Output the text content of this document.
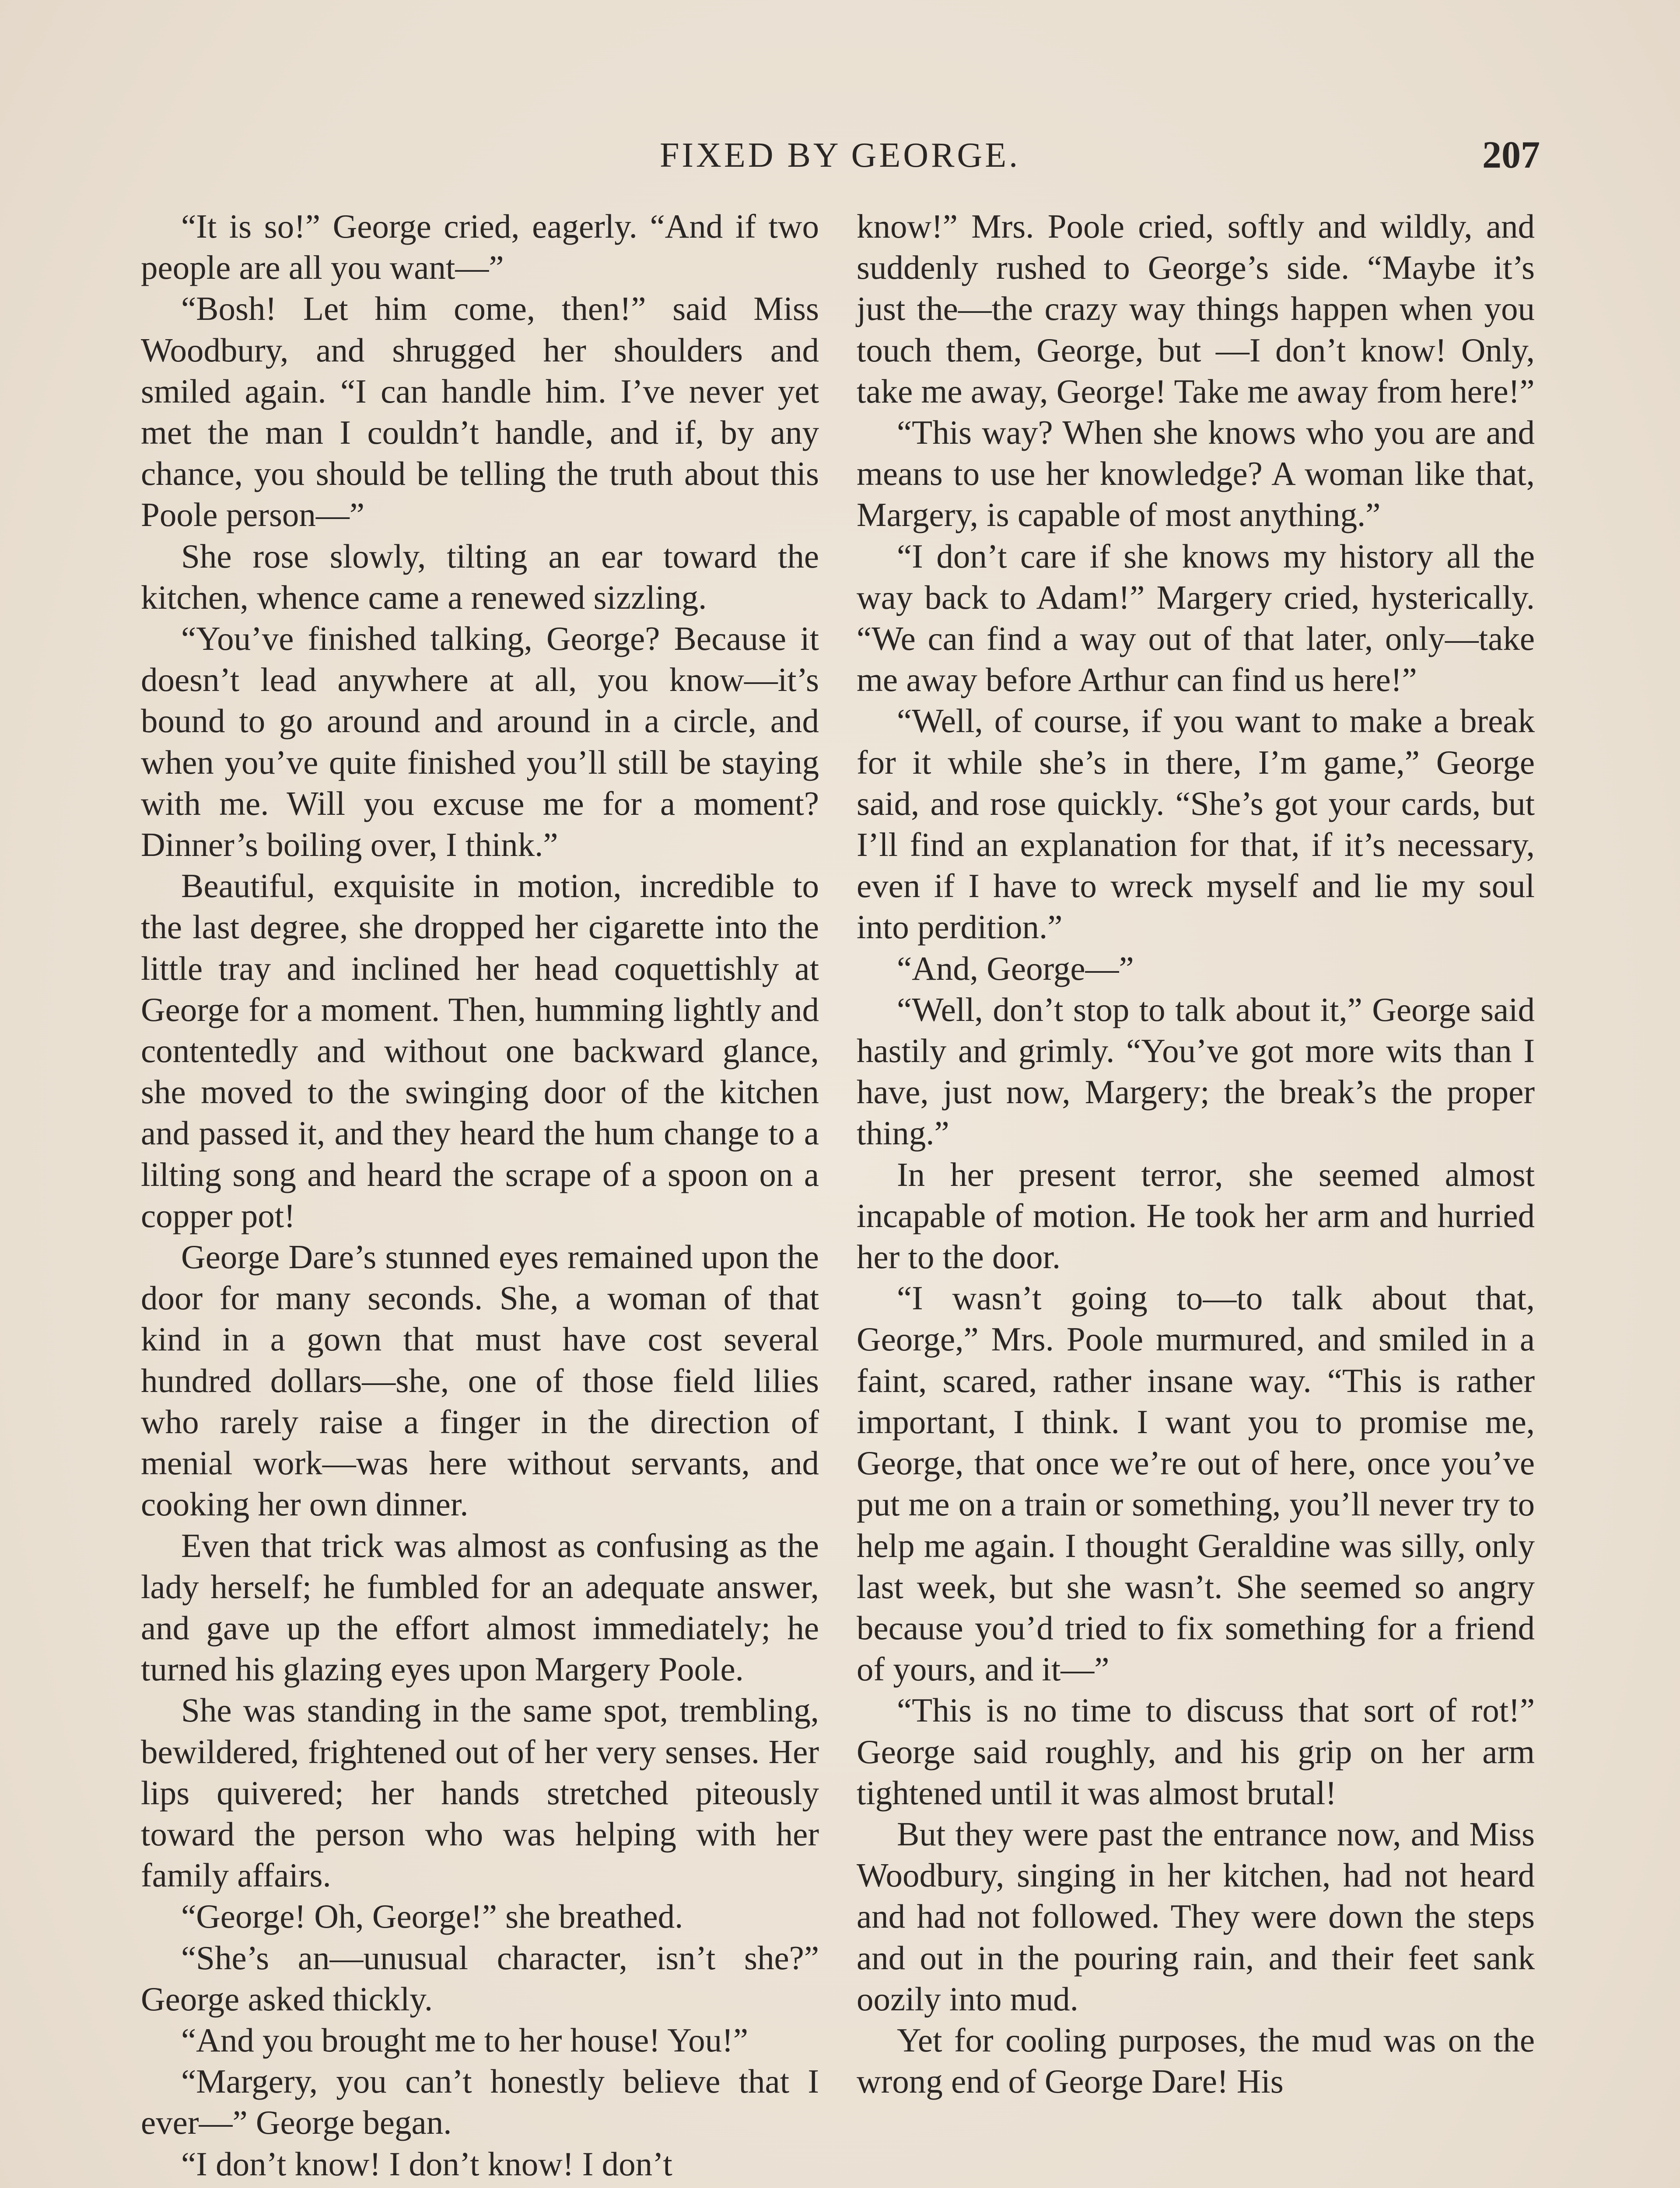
FIXED BY GEORGE.	207

“It is so!” George cried, eagerly. “And if two people are all you want—”

“Bosh! Let him come, then!” said Miss Woodbury, and shrugged her shoulders and smiled again. “I can handle him. I’ve never yet met the man I couldn’t handle, and if, by any chance, you should be telling the truth about this Poole person—”

She rose slowly, tilting an ear toward the kitchen, whence came a renewed sizzling.

“You’ve finished talking, George? Because it doesn’t lead anywhere at all, you know—it’s bound to go around and around in a circle, and when you’ve quite finished you’ll still be staying with me. Will you excuse me for a moment? Dinner’s boiling over, I think.”

Beautiful, exquisite in motion, incredible to the last degree, she dropped her cigarette into the little tray and inclined her head coquettishly at George for a moment. Then, humming lightly and contentedly and without one backward glance, she moved to the swinging door of the kitchen and passed it, and they heard the hum change to a lilting song and heard the scrape of a spoon on a copper pot!

George Dare’s stunned eyes remained upon the door for many seconds. She, a woman of that kind in a gown that must have cost several hundred dollars—she, one of those field lilies who rarely raise a finger in the direction of menial work—was here without servants, and cooking her own dinner.

Even that trick was almost as confusing as the lady herself; he fumbled for an adequate answer, and gave up the effort almost immediately; he turned his glazing eyes upon Margery Poole.

She was standing in the same spot, trembling, bewildered, frightened out of her very senses. Her lips quivered; her hands stretched piteously toward the person who was helping with her family affairs.

“George! Oh, George!” she breathed.

“She’s an—unusual character, isn’t she?” George asked thickly.

“And you brought me to her house! You!”

“Margery, you can’t honestly believe that I ever—” George began.

“I don’t know! I don’t know! I don’t

know!” Mrs. Poole cried, softly and wildly, and suddenly rushed to George’s side. “Maybe it’s just the—the crazy way things happen when you touch them, George, but —I don’t know! Only, take me away, George! Take me away from here!”

“This way? When she knows who you are and means to use her knowledge? A woman like that, Margery, is capable of most anything.”

“I don’t care if she knows my history all the way back to Adam!” Margery cried, hysterically. “We can find a way out of that later, only—take me away before Arthur can find us here!”

“Well, of course, if you want to make a break for it while she’s in there, I’m game,” George said, and rose quickly. “She’s got your cards, but I’ll find an explanation for that, if it’s necessary, even if I have to wreck myself and lie my soul into perdition.”

“And, George—”

“Well, don’t stop to talk about it,” George said hastily and grimly. “You’ve got more wits than I have, just now, Margery; the break’s the proper thing.”

In her present terror, she seemed almost incapable of motion. He took her arm and hurried her to the door.

“I wasn’t going to—to talk about that, George,” Mrs. Poole murmured, and smiled in a faint, scared, rather insane way. “This is rather important, I think. I want you to promise me, George, that once we’re out of here, once you’ve put me on a train or something, you’ll never try to help me again. I thought Geraldine was silly, only last week, but she wasn’t. She seemed so angry because you’d tried to fix something for a friend of yours, and it—”

“This is no time to discuss that sort of rot!” George said roughly, and his grip on her arm tightened until it was almost brutal!

But they were past the entrance now, and Miss Woodbury, singing in her kitchen, had not heard and had not followed. They were down the steps and out in the pouring rain, and their feet sank oozily into mud.

Yet for cooling purposes, the mud was on the wrong end of George Dare! His
